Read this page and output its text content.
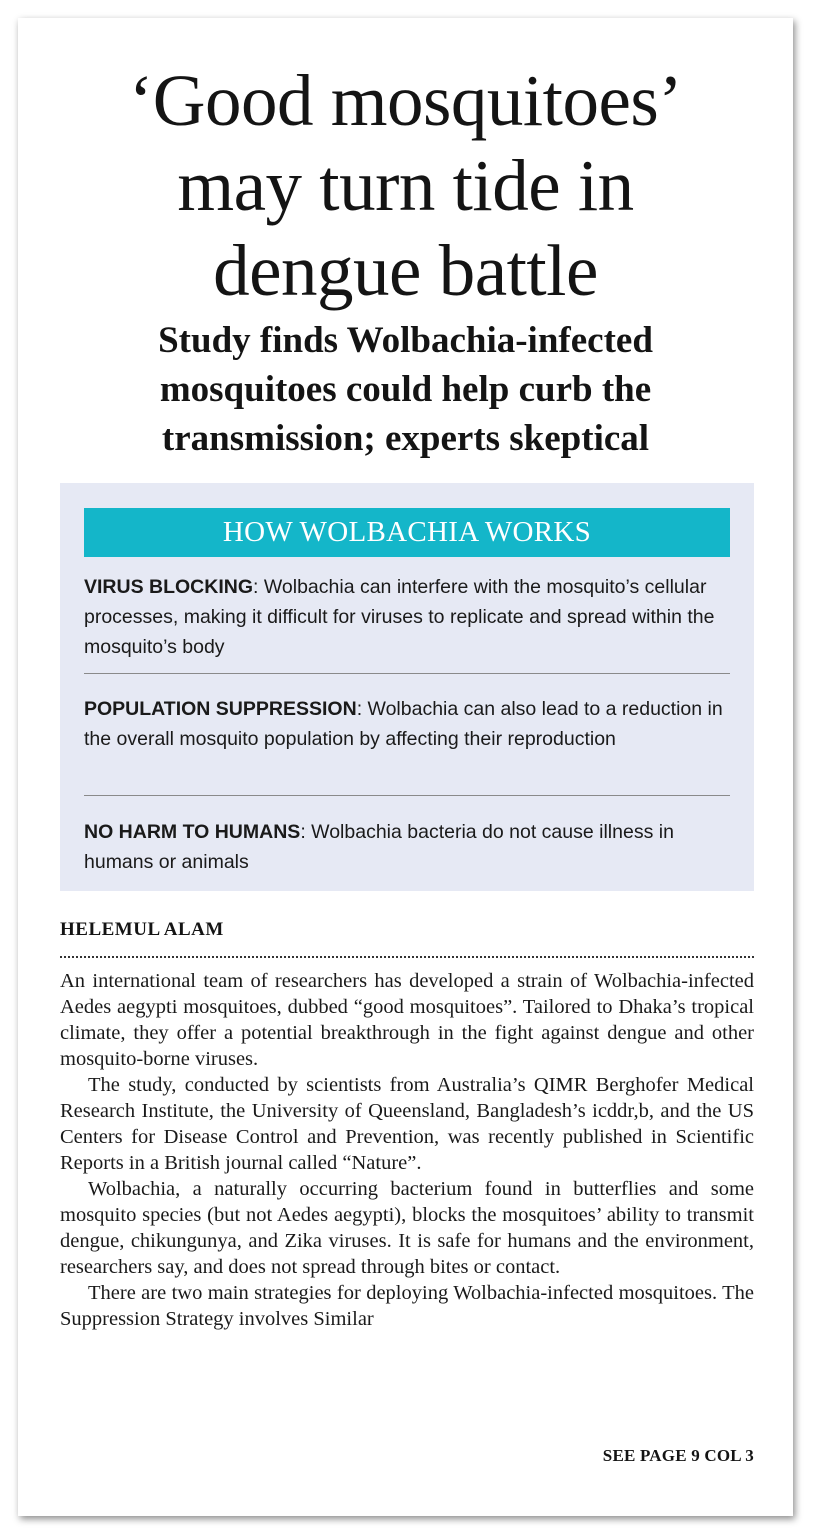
‘Good mosquitoes’
may turn tide in
dengue battle
Study finds Wolbachia-infected
mosquitoes could help curb the
transmission; experts skeptical
HOW WOLBACHIA WORKS

VIRUS BLOCKING: Wolbachia can interfere with the mosquito’s cellular processes, making it difficult for viruses to replicate and spread within the mosquito’s body

POPULATION SUPPRESSION: Wolbachia can also lead to a reduction in the overall mosquito population by affecting their reproduction

NO HARM TO HUMANS: Wolbachia bacteria do not cause illness in humans or animals

HELEMUL ALAM

An international team of researchers has developed a strain of Wolbachia-infected Aedes aegypti mosquitoes, dubbed “good mosquitoes”. Tailored to Dhaka’s tropical climate, they offer a potential breakthrough in the fight against dengue and other mosquito-borne viruses.

The study, conducted by scientists from Australia’s QIMR Berghofer Medical Research Institute, the University of Queensland, Bangladesh’s icddr,b, and the US Centers for Disease Control and Prevention, was recently published in Scientific Reports in a British journal called “Nature”.

Wolbachia, a naturally occurring bacterium found in butterflies and some mosquito species (but not Aedes aegypti), blocks the mosquitoes’ ability to transmit dengue, chikungunya, and Zika viruses. It is safe for humans and the environment, researchers say, and does not spread through bites or contact.

There are two main strategies for deploying Wolbachia-infected mosquitoes. The Suppression Strategy involves Similar

SEE PAGE 9 COL 3
